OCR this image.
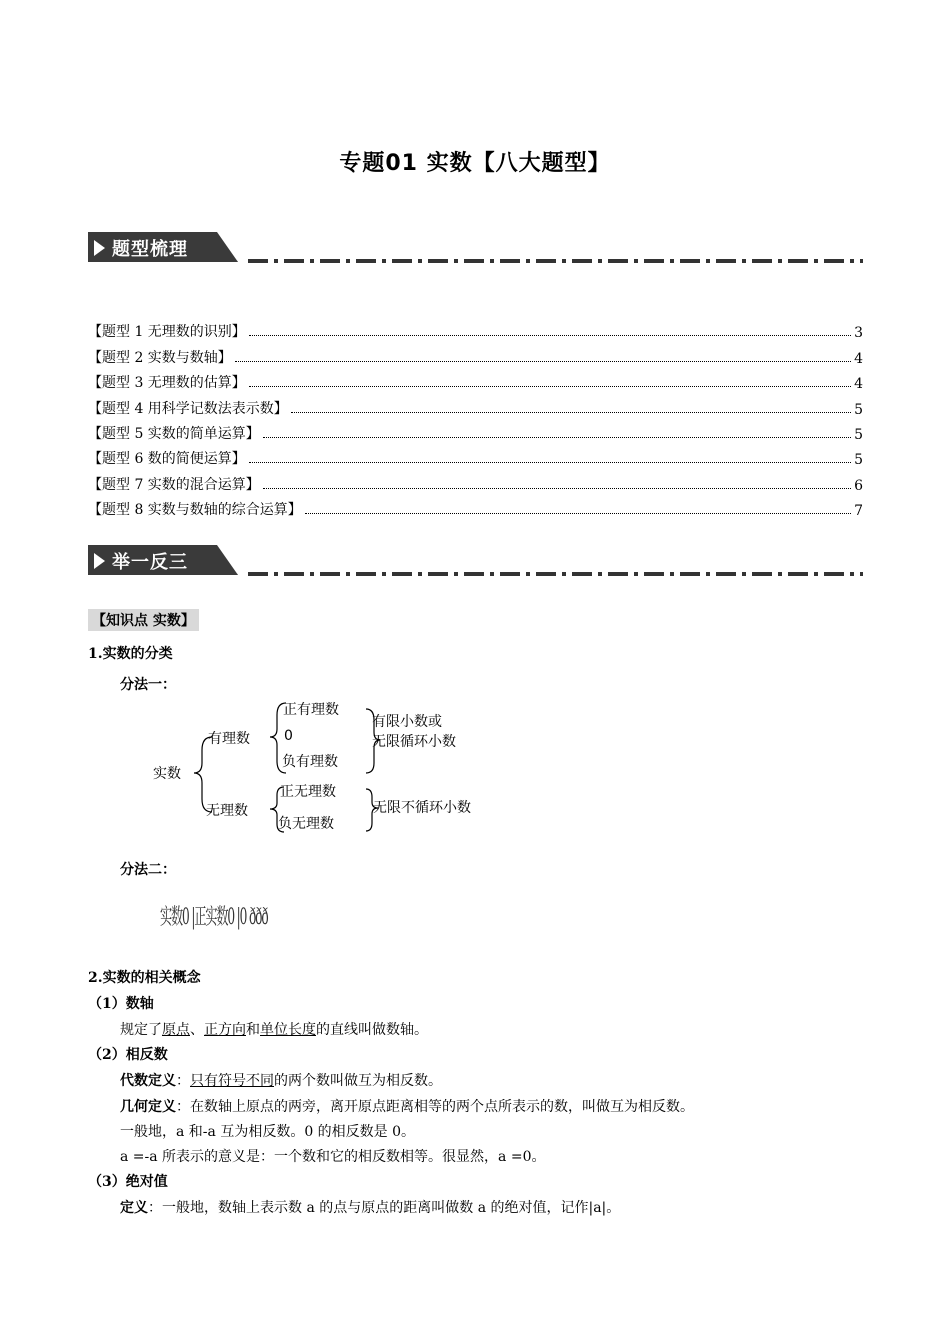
专题01 实数【八大题型】
题型梳理
【题型 1 无理数的识别】	3
【题型 2 实数与数轴】	4
【题型 3 无理数的估算】	4
【题型 4 用科学记数法表示数】	5
【题型 5 实数的简单运算】	5
【题型 6 数的简便运算】	5
【题型 7 实数的混合运算】	6
【题型 8 实数与数轴的综合运算】	7
举一反三
【知识点 实数】
1.实数的分类
分法一：
实数
有理数
无理数
正有理数
0
负有理数
正无理数
负无理数
有限小数或
无限循环小数
无限不循环小数
分法二：
实数0 |正实数0 |0 ððð
2.实数的相关概念
（1）数轴
规定了原点、正方向和单位长度的直线叫做数轴。
（2）相反数
代数定义：只有符号不同的两个数叫做互为相反数。
几何定义：在数轴上原点的两旁，离开原点距离相等的两个点所表示的数，叫做互为相反数。
一般地，a 和-a 互为相反数。0 的相反数是 0。
a =-a 所表示的意义是：一个数和它的相反数相等。很显然，a =0。
（3）绝对值
定义：一般地，数轴上表示数 a 的点与原点的距离叫做数 a 的绝对值，记作|a|。
